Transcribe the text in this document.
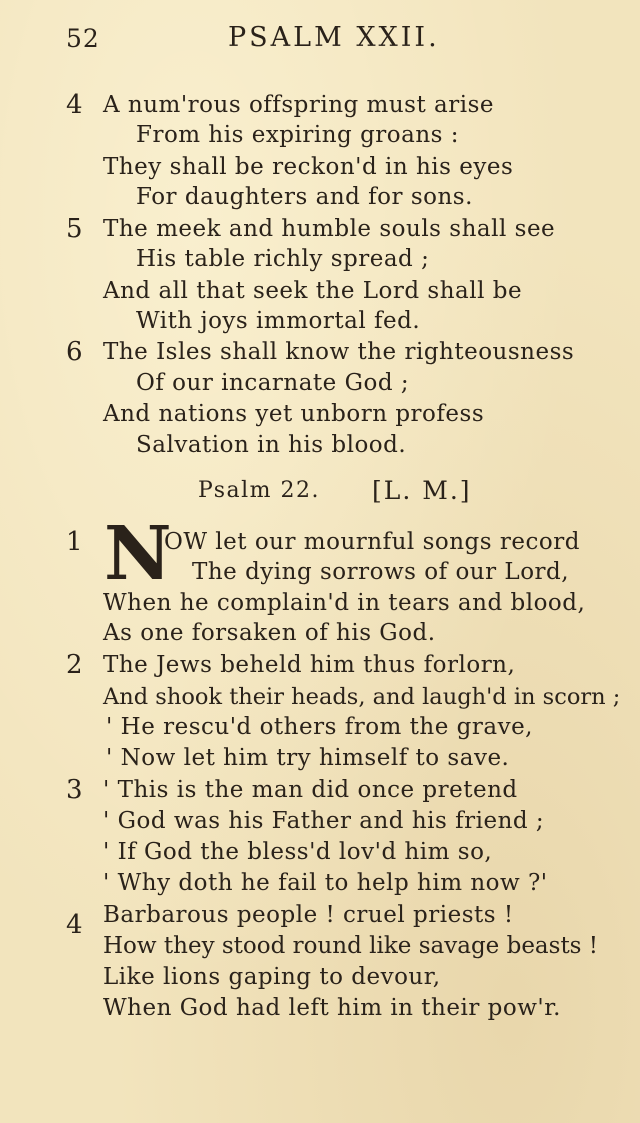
52	PSALM XXII.
4 A num'rous offspring must arise
From his expiring groans :
They shall be reckon'd in his eyes
For daughters and for sons.
5 The meek and humble souls shall see
His table richly spread ;
And all that seek the Lord shall be
With joys immortal fed.
6 The Isles shall know the righteousness
Of our incarnate God ;
And nations yet unborn profess
Salvation in his blood.
Psalm 22. [L. M.]
N
1	OW let our mournful songs record
The dying sorrows of our Lord,
When he complain'd in tears and blood,
As one forsaken of his God.
2 The Jews beheld him thus forlorn,
And shook their heads, and laugh'd in scorn ;
' He rescu'd others from the grave,
' Now let him try himself to save.
3 ' This is the man did once pretend
' God was his Father and his friend ;
' If God the bless'd lov'd him so,
' Why doth he fail to help him now ?'
4 Barbarous people ! cruel priests !
How they stood round like savage beasts !
Like lions gaping to devour,
When God had left him in their pow'r.
